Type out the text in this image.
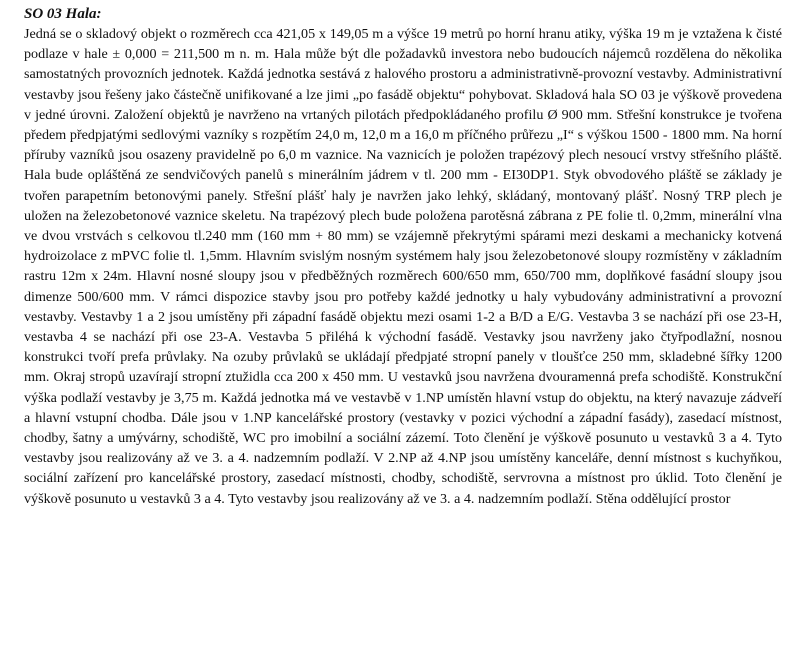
SO 03 Hala:

Jedná se o skladový objekt o rozměrech cca 421,05 x 149,05 m a výšce 19 metrů po horní hranu atiky, výška 19 m je vztažena k čisté podlaze v hale ± 0,000 = 211,500 m n. m. Hala může být dle požadavků investora nebo budoucích nájemců rozdělena do několika samostatných provozních jednotek. Každá jednotka sestává z halového prostoru a administrativně-provozní vestavby. Administrativní vestavby jsou řešeny jako částečně unifikované a lze jimi „po fasádě objektu“ pohybovat. Skladová hala SO 03 je výškově provedena v jedné úrovni. Založení objektů je navrženo na vrtaných pilotách předpokládaného profilu Ø 900 mm. Střešní konstrukce je tvořena předem předpjatými sedlovými vazníky s rozpětím 24,0 m, 12,0 m a 16,0 m příčného průřezu „I“ s výškou 1500 - 1800 mm. Na horní příruby vazníků jsou osazeny pravidelně po 6,0 m vaznice. Na vaznicích je položen trapézový plech nesoucí vrstvy střešního pláště. Hala bude opláštěná ze sendvičových panelů s minerálním jádrem v tl. 200 mm - EI30DP1. Styk obvodového pláště se základy je tvořen parapetním betonovými panely. Střešní plášť haly je navržen jako lehký, skládaný, montovaný plášť. Nosný TRP plech je uložen na železobetonové vaznice skeletu. Na trapézový plech bude položena parotěsná zábrana z PE folie tl. 0,2mm, minerální vlna ve dvou vrstvách s celkovou tl.240 mm (160 mm + 80 mm) se vzájemně překrytými spárami mezi deskami a mechanicky kotvená hydroizolace z mPVC folie tl. 1,5mm. Hlavním svislým nosným systémem haly jsou železobetonové sloupy rozmístěny v základním rastru 12m x 24m. Hlavní nosné sloupy jsou v předběžných rozměrech 600/650 mm, 650/700 mm, doplňkové fasádní sloupy jsou dimenze 500/600 mm. V rámci dispozice stavby jsou pro potřeby každé jednotky u haly vybudovány administrativní a provozní vestavby. Vestavby 1 a 2 jsou umístěny při západní fasádě objektu mezi osami 1-2 a B/D a E/G. Vestavba 3 se nachází při ose 23-H, vestavba 4 se nachází při ose 23-A. Vestavba 5 přiléhá k východní fasádě. Vestavky jsou navrženy jako čtyřpodlažní, nosnou konstrukci tvoří prefa průvlaky. Na ozuby průvlaků se ukládají předpjaté stropní panely v tloušťce 250 mm, skladebné šířky 1200 mm. Okraj stropů uzavírají stropní ztužidla cca 200 x 450 mm. U vestavků jsou navržena dvouramenná prefa schodiště. Konstrukční výška podlaží vestavby je 3,75 m. Každá jednotka má ve vestavbě v 1.NP umístěn hlavní vstup do objektu, na který navazuje zádveří a hlavní vstupní chodba. Dále jsou v 1.NP kancelářské prostory (vestavky v pozici východní a západní fasády), zasedací místnost, chodby, šatny a umývárny, schodiště, WC pro imobilní a sociální zázemí. Toto členění je výškově posunuto u vestavků 3 a 4. Tyto vestavby jsou realizovány až ve 3. a 4. nadzemním podlaží. V 2.NP až 4.NP jsou umístěny kanceláře, denní místnost s kuchyňkou, sociální zařízení pro kancelářské prostory, zasedací místnosti, chodby, schodiště, servrovna a místnost pro úklid. Toto členění je výškově posunuto u vestavků 3 a 4. Tyto vestavby jsou realizovány až ve 3. a 4. nadzemním podlaží. Stěna oddělující prostor
